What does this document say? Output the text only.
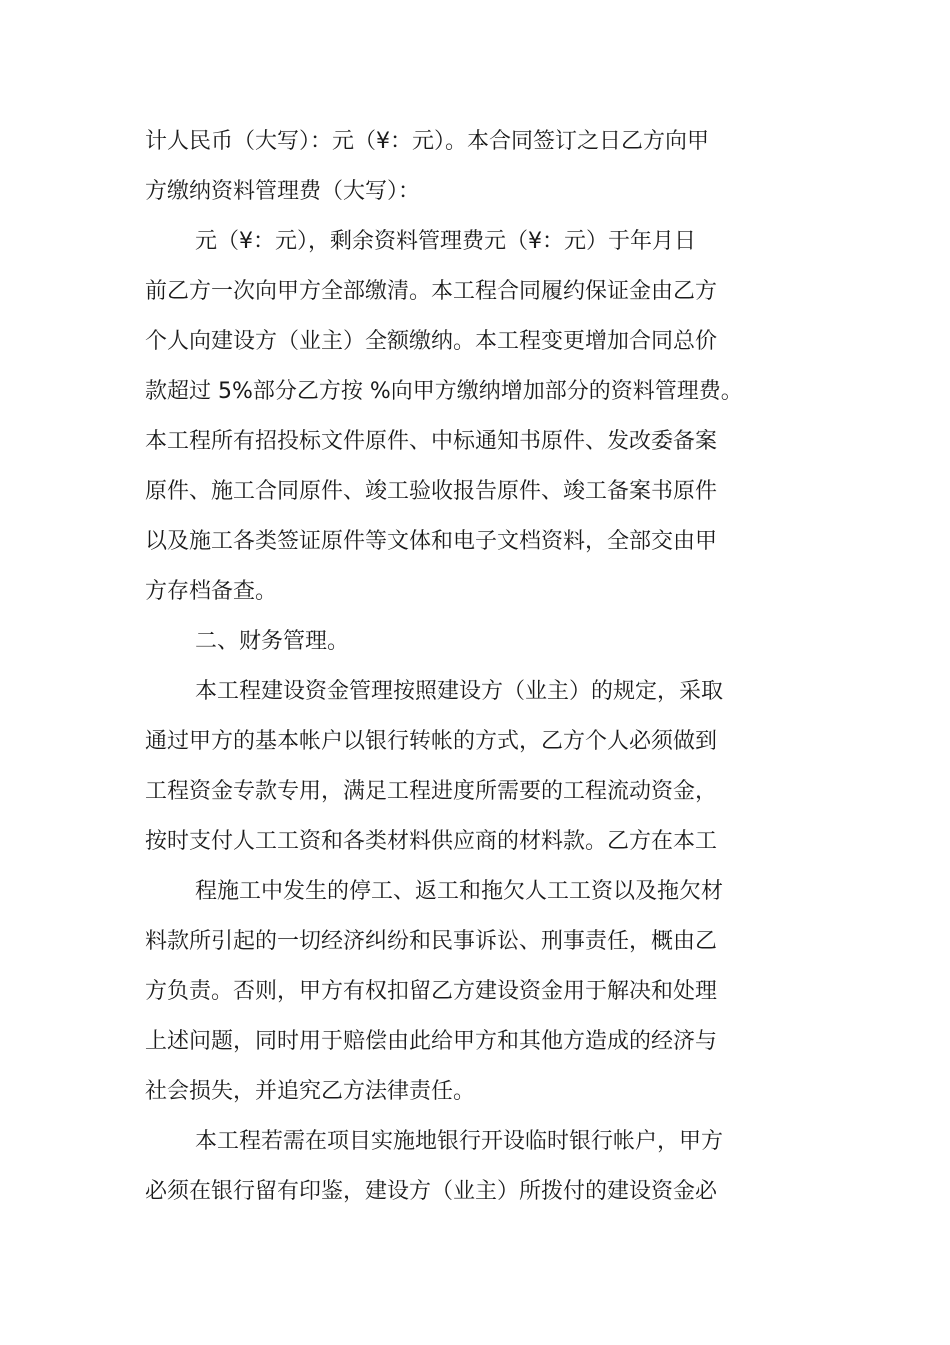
计人民币（大写）：元（¥：元）。本合同签订之日乙方向甲
方缴纳资料管理费（大写）：
元（¥：元），剩余资料管理费元（¥：元）于年月日
前乙方一次向甲方全部缴清。本工程合同履约保证金由乙方
个人向建设方（业主）全额缴纳。本工程变更增加合同总价
款超过 5%部分乙方按 %向甲方缴纳增加部分的资料管理费。
本工程所有招投标文件原件、中标通知书原件、发改委备案
原件、施工合同原件、竣工验收报告原件、竣工备案书原件
以及施工各类签证原件等文体和电子文档资料，全部交由甲
方存档备查。
二、财务管理。
本工程建设资金管理按照建设方（业主）的规定，采取
通过甲方的基本帐户以银行转帐的方式，乙方个人必须做到
工程资金专款专用，满足工程进度所需要的工程流动资金，
按时支付人工工资和各类材料供应商的材料款。乙方在本工
程施工中发生的停工、返工和拖欠人工工资以及拖欠材
料款所引起的一切经济纠纷和民事诉讼、刑事责任，概由乙
方负责。否则，甲方有权扣留乙方建设资金用于解决和处理
上述问题，同时用于赔偿由此给甲方和其他方造成的经济与
社会损失，并追究乙方法律责任。
本工程若需在项目实施地银行开设临时银行帐户，甲方
必须在银行留有印鉴，建设方（业主）所拨付的建设资金必
